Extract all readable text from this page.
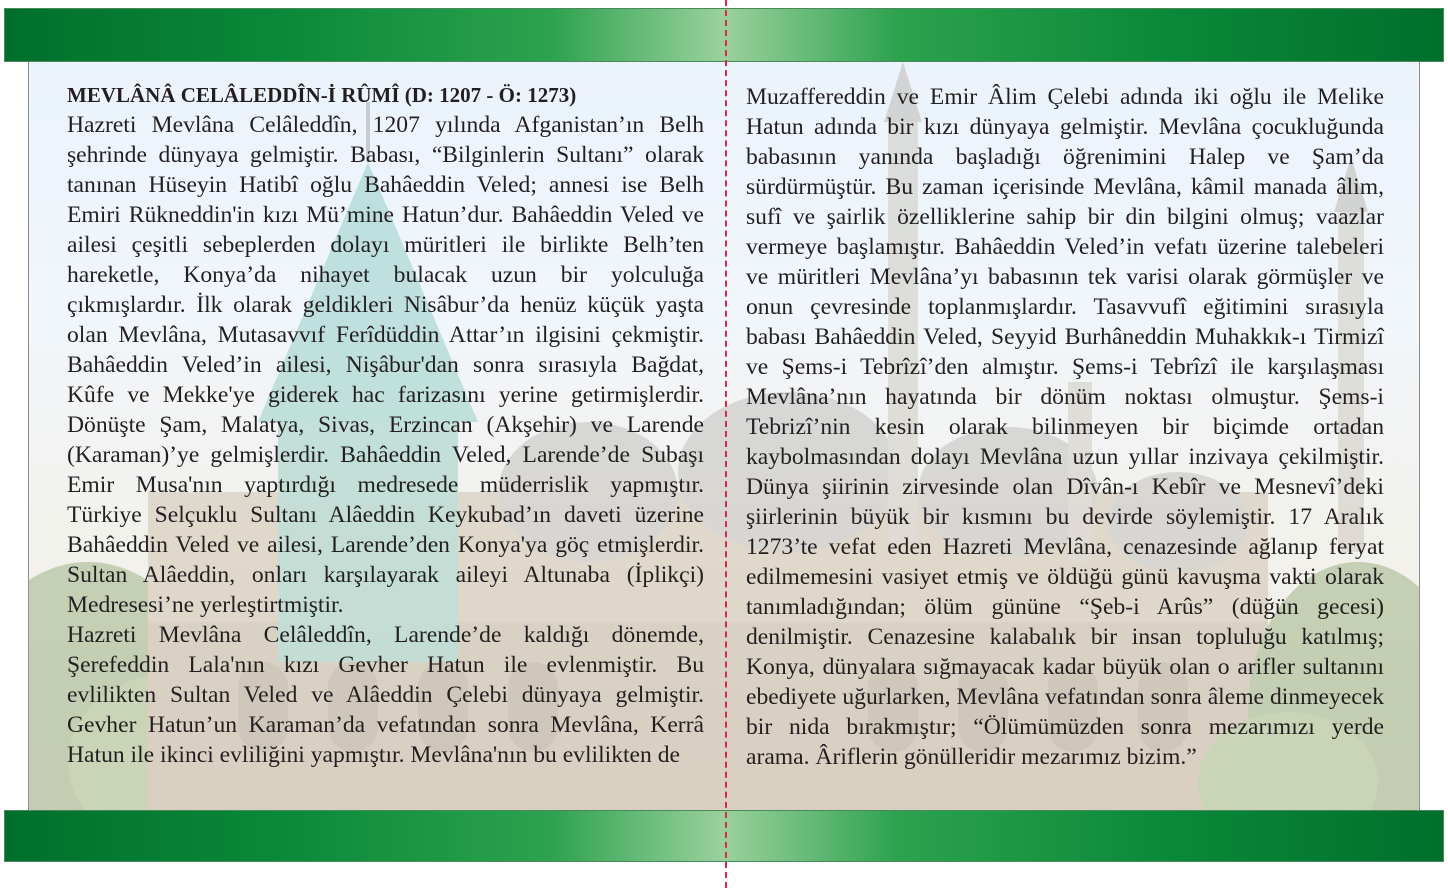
MEVLÂNÂ CELÂLEDDÎN-İ RÛMÎ (D: 1207 - Ö: 1273)

Hazreti Mevlâna Celâleddîn, 1207 yılında Afganistan’ın Belh şehrinde dünyaya gelmiştir. Babası, “Bilginlerin Sultanı” olarak tanınan Hüseyin Hatibî oğlu Bahâeddin Veled; annesi ise Belh Emiri Rükneddin'in kızı Mü’mine Hatun’dur. Bahâeddin Veled ve ailesi çeşitli sebeplerden dolayı müritleri ile birlikte Belh’ten hareketle, Konya’da nihayet bulacak uzun bir yolculuğa çıkmışlardır. İlk olarak geldikleri Nisâbur’da henüz küçük yaşta olan Mevlâna, Mutasavvıf Ferîdüddin Attar’ın ilgisini çekmiştir. Bahâeddin Veled’in ailesi, Nişâbur'dan sonra sırasıyla Bağdat, Kûfe ve Mekke'ye giderek hac farizasını yerine getirmişlerdir. Dönüşte Şam, Malatya, Sivas, Erzincan (Akşehir) ve Larende (Karaman)’ye gelmişlerdir. Bahâeddin Veled, Larende’de Subaşı Emir Musa'nın yaptırdığı medresede müderrislik yapmıştır. Türkiye Selçuklu Sultanı Alâeddin Keykubad’ın daveti üzerine Bahâeddin Veled ve ailesi, Larende’den Konya'ya göç etmişlerdir. Sultan Alâeddin, onları karşılayarak aileyi Altunaba (İplikçi) Medresesi’ne yerleştirtmiştir.

Hazreti Mevlâna Celâleddîn, Larende’de kaldığı dönemde, Şerefeddin Lala'nın kızı Gevher Hatun ile evlenmiştir. Bu evlilikten Sultan Veled ve Alâeddin Çelebi dünyaya gelmiştir. Gevher Hatun’un Karaman’da vefatından sonra Mevlâna, Kerrâ Hatun ile ikinci evliliğini yapmıştır. Mevlâna'nın bu evlilikten de

Muzaffereddin ve Emir Âlim Çelebi adında iki oğlu ile Melike Hatun adında bir kızı dünyaya gelmiştir. Mevlâna çocukluğunda babasının yanında başladığı öğrenimini Halep ve Şam’da sürdürmüştür. Bu zaman içerisinde Mevlâna, kâmil manada âlim, sufî ve şairlik özelliklerine sahip bir din bilgini olmuş; vaazlar vermeye başlamıştır. Bahâeddin Veled’in vefatı üzerine talebeleri ve müritleri Mevlâna’yı babasının tek varisi olarak görmüşler ve onun çevresinde toplanmışlardır. Tasavvufî eğitimini sırasıyla babası Bahâeddin Veled, Seyyid Burhâneddin Muhakkık-ı Tirmizî ve Şems-i Tebrîzî’den almıştır. Şems-i Tebrîzî ile karşılaşması Mevlâna’nın hayatında bir dönüm noktası olmuştur. Şems-i Tebrizî’nin kesin olarak bilinmeyen bir biçimde ortadan kaybolmasından dolayı Mevlâna uzun yıllar inzivaya çekilmiştir. Dünya şiirinin zirvesinde olan Dîvân-ı Kebîr ve Mesnevî’deki şiirlerinin büyük bir kısmını bu devirde söylemiştir. 17 Aralık 1273’te vefat eden Hazreti Mevlâna, cenazesinde ağlanıp feryat edilmemesini vasiyet etmiş ve öldüğü günü kavuşma vakti olarak tanımladığından; ölüm gününe “Şeb-i Arûs” (düğün gecesi) denilmiştir. Cenazesine kalabalık bir insan topluluğu katılmış; Konya, dünyalara sığmayacak kadar büyük olan o arifler sultanını ebediyete uğurlarken, Mevlâna vefatından sonra âleme dinmeyecek bir nida bırakmıştır; “Ölümümüzden sonra mezarımızı yerde arama. Âriflerin gönülleridir mezarımız bizim.”
